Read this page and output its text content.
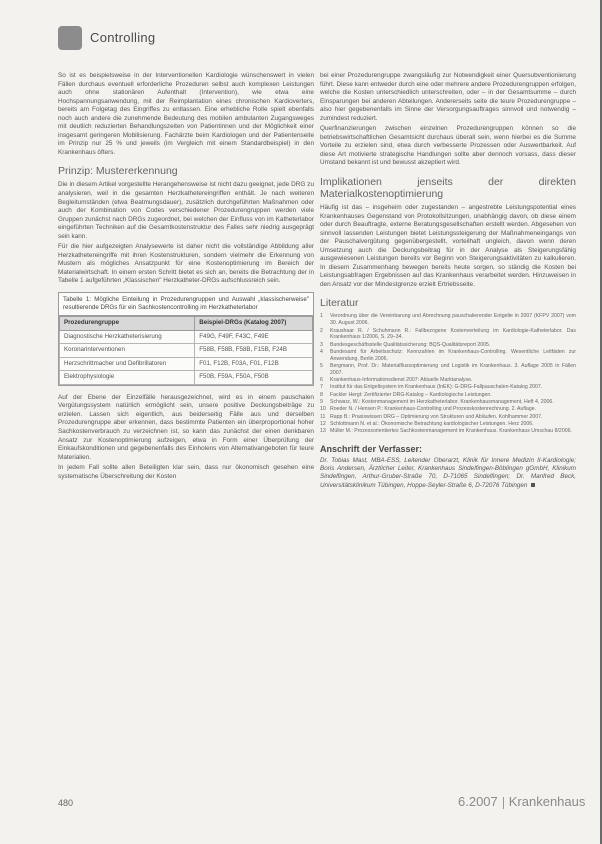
Controlling

So ist es beispielsweise in der Interventionellen Kardiologie wünschenswert in vielen Fällen durchaus eventuell erforderliche Prozeduren selbst auch komplexen Leistungen auch ohne stationären Aufenthalt (Intervention), wie etwa eine Hochspannungsanwendung, mit der Reimplantation eines chronischen Kardioverters, bereits am Folgetag des Eingriffes zu entlassen. Eine erhebliche Rolle spielt ebenfalls noch auch andere die zunehmende Bedeutung des mobilen ambulanten Zugangsweges mit deutlich reduzierten Behandlungszeiten von Patientinnen und der Möglichkeit einer insgesamt geringeren Mobilisierung. Fachärzte beim Kardiologen und der Patientenseite im Prinzip nur 25 % und jeweils (im Vergleich mit einem Standardbeispiel) in den Krankenhaus öfters.

Prinzip: Mustererkennung

Die in diesem Artikel vorgestellte Herangehensweise ist nicht dazu geeignet, jede DRG zu analysieren, weil in die gesamten Herzkathetereingriffen enthält. Je nach weiteren Begleitumständen (etwa Beatmungsdauer), zusätzlich durchgeführten Maßnahmen oder auch der Kombination von Codes verschiedener Prozedurengruppen werden viele Gruppen zunächst nach DRGs zugeordnet, bei welchen der Einfluss von im Katheterlabor eingeführten Techniken auf die Gesamtkostenstruktur des Falles sehr niedrig ausgeprägt sein kann.

Für die hier aufgezeigten Analysewerte ist daher nicht die vollständige Abbildung aller Herzkathetereingriffe mit ihren Kostenstrukturen, sondern vielmehr die Erkennung von Mustern als mögliches Ansatzpunkt für eine Kostenoptimierung im Bereich der Materialwirtschaft. In einem ersten Schritt bietet es sich an, bereits die Betrachtung der in Tabelle 1 aufgeführten „Klassischen" Herzkatheter-DRGs aufschlussreich sein.

Tabelle 1: Mögliche Einteilung in Prozedurengruppen und Auswahl „klassischerweise" resultierende DRGs für ein Sachkostencontrolling im Herzkatheterlabor
Prozedurengruppe	Beispiel-DRGs (Katalog 2007)
Diagnostische Herzkatheterisierung	F49G, F49F, F43C, F49E
Koronarinterventionen	F58B, F58B, F58B, F15B, F24B
Herzschrittmacher und Defibrillatoren	F01, F12B, F03A, F01, F12B
Elektrophysiologie	F50B, F59A, F50A, F50B

Auf der Ebene der Einzelfälle herausgezeichnet, wird es in einem pauschalen Vergütungssystem natürlich ermöglicht sein, unsere positive Deckungsbeiträge zu erzielen. Lassen sich eigentlich, aus beiderseitig Fälle aus und derselben Prozedurengruppe aber erkennen, dass bestimmte Patienten ein überproportional hoher Sachkostenverbrauch zu verzeichnen ist, so kann das zunächst der einen denkbaren Ansatz zur Kostenoptimierung aufzeigen, etwa in Form einer Überprüfung der Einkaufskonditionen und gegebenenfalls des Einholens von Alternativangeboten für teure Materialien.

In jedem Fall sollte allen Beteiligten klar sein, dass nur ökonomisch gesehen eine systematische Überschreitung der Kosten

bei einer Prozedurengruppe zwangsläufig zur Notwendigkeit einer Quersubventionierung führt. Diese kann entweder durch eine oder mehrere andere Prozedurengruppen erfolgen, welche die Kosten unterschiedlich unterschreiten, oder – in der Gesamtsumme – durch Einsparungen bei anderen Abteilungen. Andererseits seite die teure Prozedurengruppe – also hier gegebenenfalls im Sinne der Versorgungsauftrages sinnvoll und notwendig – zumindest reduziert.

Querfinanzierungen zwischen einzelnen Prozedurengruppen können so die betriebswirtschaftlichen Gesamtsicht durchaus überall sein, wenn hierbei es die Summe Vorteile zu erzielen sind, etwa durch verbesserte Prozessen oder Auswertbarkeit. Auf diese Art motivierte strategische Handlungen sollte aber dennoch vorsass, dass dieser Umstand bekannt ist und bewusst akzeptiert wird.

Implikationen jenseits der direkten Materialkostenoptimierung

Häufig ist das – insgeheim oder zugestanden – angestrebte Leistungspotential eines Krankenhauses Gegenstand von Protokollsitzungen, unabhängig davon, ob diese einem oder durch Beauftragte, externe Beratungsgesellschaften erstellt werden. Abgesehen von sinnvoll lassenden Leistungen bietet Leistungssteigerung der Maßnahmeneingangs von der Pauschalvergütung gegenübergestellt, vorteilhaft ungleich, davon wenn deren Umsetzung auch die Deckungsbeitrag für in der Analyse als Steigerungsfähig ausgewiesenen Leistungen bereits vor Beginn von Steigerungsaktivitäten zu kalkulieren. In diesem Zusammenhang bewegen bereits heute sorgen, so ständig die Kosten bei Leistungsabfragen Ergebnissen auf das Krankenhaus verarbeitet werden. Hinzuweisen in den Ansatz vor der Mindestgrenze erzielt Ertriebsseite.

Literatur
1 Verordnung über die Vereinbarung und Abrechnung pauschalierender Entgelte in 2007 (KFPV 2007) vom 30. August 2006.
2 Kraushaar R. / Schuhmann R.: Fallbezogene Kostenverteilung im Kardiologie-Katheterlabor. Das Krankenhaus 1/2006, S. 29–34.
3 Bundesgeschäftsstelle Qualitätssicherung: BQS-Qualitätsreport 2005.
4 Bundesamt für Arbeitsschutz: Kennzahlen im Krankenhaus-Controlling. Wesentliche Leitfäden zur Anwendung, Berlin 2006.
5 Bergmann, Prof. Dr.: Materialflussoptimierung und Logistik im Krankenhaus. 3. Auflage 2005 in Fällen 2007.
6 Krankenhaus-Informationsdienst 2007: Aktuelle Marktanalyse.
7 Institut für das Entgeltsystem im Krankenhaus (InEK): G-DRG-Fallpauschalen-Katalog 2007.
8 Fackler Hergt: Zertifizierter DRG-Katalog – Kardiologische Leistungen.
9 Schwarz, W.: Kostenmanagement im Herzkatheterlabor. Krankenhausmanagement, Heft 4, 2006.
10 Roeder N. / Hensen P.: Krankenhaus-Controlling und Prozesskostenrechnung. 2. Auflage.
11 Rapp B.: Praxiswissen DRG – Optimierung von Strukturen und Abläufen. Kohlhammer 2007.
12 Schlottmann N. et al.: Ökonomische Betrachtung kardiologischer Leistungen. Herz 2006.
13 Müller M.: Prozessorientiertes Sachkostenmanagement im Krankenhaus. Krankenhaus Umschau 8/2006.
Anschrift der Verfasser:
Dr. Tobias Mast, MBA-ESS, Leitender Oberarzt, Klinik für Innere Medizin II-Kardiologie; Boris Andersen, Ärztlicher Leiter, Krankenhaus Sindelfingen-Böblingen gGmbH, Klinikum Sindelfingen, Arthur-Gruber-Straße 70, D-71065 Sindelfingen; Dr. Manfred Beck, Universitätsklinikum Tübingen, Hoppe-Seyler-Straße 6, D-72076 Tübingen
480	6.2007 Krankenhaus
